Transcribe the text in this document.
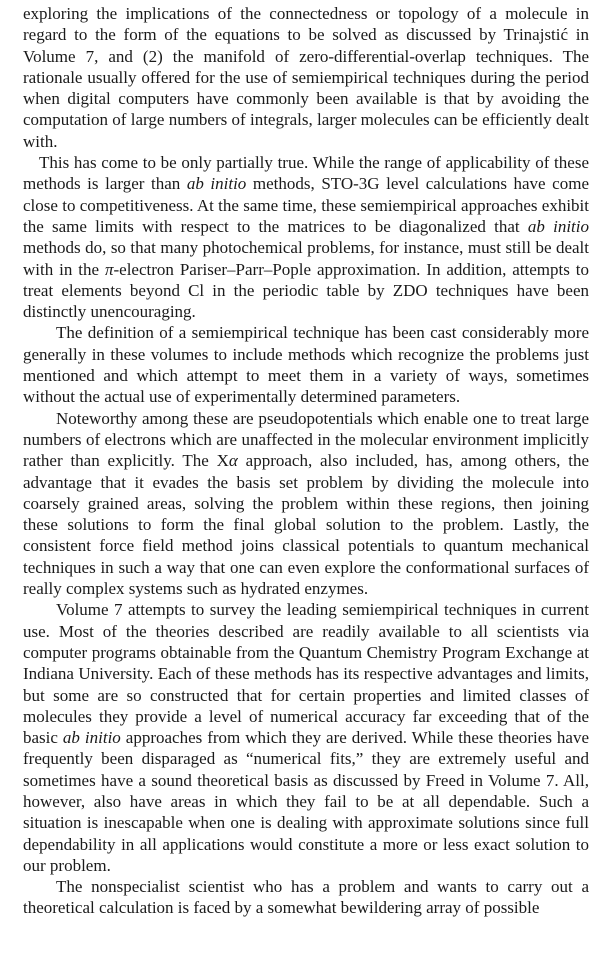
exploring the implications of the connectedness or topology of a molecule in regard to the form of the equations to be solved as discussed by Trinajstić in Volume 7, and (2) the manifold of zero-differential-overlap techniques. The rationale usually offered for the use of semiempirical techniques during the period when digital computers have commonly been available is that by avoiding the computation of large numbers of integrals, larger molecules can be efficiently dealt with.

This has come to be only partially true. While the range of applicability of these methods is larger than ab initio methods, STO-3G level calculations have come close to competitiveness. At the same time, these semiempirical approaches exhibit the same limits with respect to the matrices to be diagonalized that ab initio methods do, so that many photochemical problems, for instance, must still be dealt with in the π-electron Pariser–Parr–Pople approximation. In addition, attempts to treat elements beyond Cl in the periodic table by ZDO techniques have been distinctly unencouraging.

The definition of a semiempirical technique has been cast considerably more generally in these volumes to include methods which recognize the problems just mentioned and which attempt to meet them in a variety of ways, sometimes without the actual use of experimentally determined parameters.

Noteworthy among these are pseudopotentials which enable one to treat large numbers of electrons which are unaffected in the molecular environment implicitly rather than explicitly. The Xα approach, also included, has, among others, the advantage that it evades the basis set problem by dividing the molecule into coarsely grained areas, solving the problem within these regions, then joining these solutions to form the final global solution to the problem. Lastly, the consistent force field method joins classical potentials to quantum mechanical techniques in such a way that one can even explore the conformational surfaces of really complex systems such as hydrated enzymes.

Volume 7 attempts to survey the leading semiempirical techniques in current use. Most of the theories described are readily available to all scientists via computer programs obtainable from the Quantum Chemistry Program Exchange at Indiana University. Each of these methods has its respective advantages and limits, but some are so constructed that for certain properties and limited classes of molecules they provide a level of numerical accuracy far exceeding that of the basic ab initio approaches from which they are derived. While these theories have frequently been disparaged as “numerical fits,” they are extremely useful and sometimes have a sound theoretical basis as discussed by Freed in Volume 7. All, however, also have areas in which they fail to be at all dependable. Such a situation is inescapable when one is dealing with approximate solutions since full dependability in all applications would constitute a more or less exact solution to our problem.

The nonspecialist scientist who has a problem and wants to carry out a theoretical calculation is faced by a somewhat bewildering array of possible
